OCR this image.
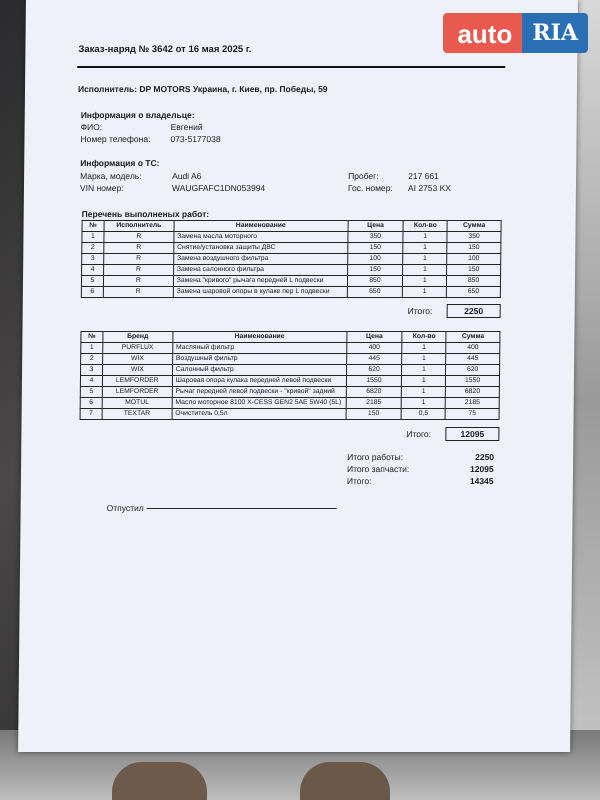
Заказ-наряд № 3642 от 16 мая 2025 г.
Исполнитель: DP MOTORS Украина, г. Киев, пр. Победы, 59
Информация о владельце:
ФИО:	Евгений
Номер телефона: 073-5177038
Информация о ТС:
Марка, модель:	Audi A6
VIN номер:	WAUGFAFC1DN053994
Пробег:	217 661
Гос. номер: AI 2753 KX
Перечень выполненых работ:
№	Исполнитель	Наименование	Цена	Кол-во	Сумма
1	R	Замена масла моторного	350	1	350
2	R	Снятие/установка защиты ДВС	150	1	150
3	R	Замена воздушного фильтра	100	1	100
4	R	Замена салонного фильтра	150	1	150
5	R	Замена "кривого" рычага передней L подвески	850	1	850
6	R	Замена шаровой опоры в кулаке пер L подвески	650	1	650
Итого:	2250
№	Бренд	Наименование	Цена	Кол-во	Сумма
1	PURFLUX	Масляный фильтр	400	1	400
2	WIX	Воздушный фильтр	445	1	445
3	WIX	Салонный фильтр	620	1	620
4	LEMFORDER	Шаровая опора кулака передней левой подвески	1550	1	1550
5	LEMFORDER	Рычаг передней левой подвески - "кривой" задний	6820	1	6820
6	MOTUL	Масло моторное 8100 X-CESS GEN2 5AE 5W40 (5L)	2185	1	2185
7	TEXTAR	Очиститель 0,5л	150	0,5	75
Итого:	12095
Итого работы:	2250
Итого запчасти:	12095
Итого:	14345
Отпустил
auto RIA
